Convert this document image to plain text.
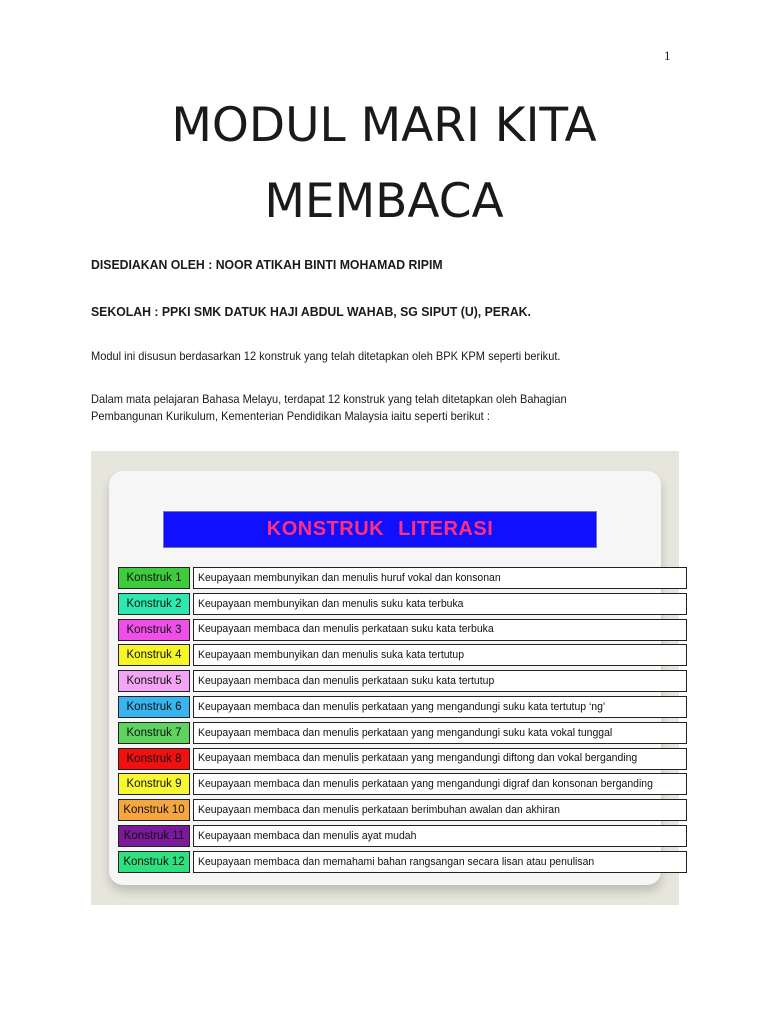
1
MODUL MARI KITA
MEMBACA
DISEDIAKAN OLEH : NOOR ATIKAH BINTI MOHAMAD RIPIM
SEKOLAH : PPKI SMK DATUK HAJI ABDUL WAHAB, SG SIPUT (U), PERAK.

Modul ini disusun berdasarkan 12 konstruk yang telah ditetapkan oleh BPK KPM seperti berikut.

Dalam mata pelajaran Bahasa Melayu, terdapat 12 konstruk yang telah ditetapkan oleh Bahagian Pembangunan Kurikulum, Kementerian Pendidikan Malaysia iaitu seperti berikut :

KONSTRUK LITERASI
Konstruk 1	Keupayaan membunyikan dan menulis huruf vokal dan konsonan
Konstruk 2	Keupayaan membunyikan dan menulis suku kata terbuka
Konstruk 3	Keupayaan membaca dan menulis perkataan suku kata terbuka
Konstruk 4	Keupayaan membunyikan dan menulis suka kata tertutup
Konstruk 5	Keupayaan membaca dan menulis perkataan suku kata tertutup
Konstruk 6	Keupayaan membaca dan menulis perkataan yang mengandungi suku kata tertutup ‘ng’
Konstruk 7	Keupayaan membaca dan menulis perkataan yang mengandungi suku kata vokal tunggal
Konstruk 8	Keupayaan membaca dan menulis perkataan yang mengandungi diftong dan vokal berganding
Konstruk 9	Keupayaan membaca dan menulis perkataan yang mengandungi digraf dan konsonan berganding
Konstruk 10	Keupayaan membaca dan menulis perkataan berimbuhan awalan dan akhiran
Konstruk 11	Keupayaan membaca dan menulis ayat mudah
Konstruk 12	Keupayaan membaca dan memahami bahan rangsangan secara lisan atau penulisan
